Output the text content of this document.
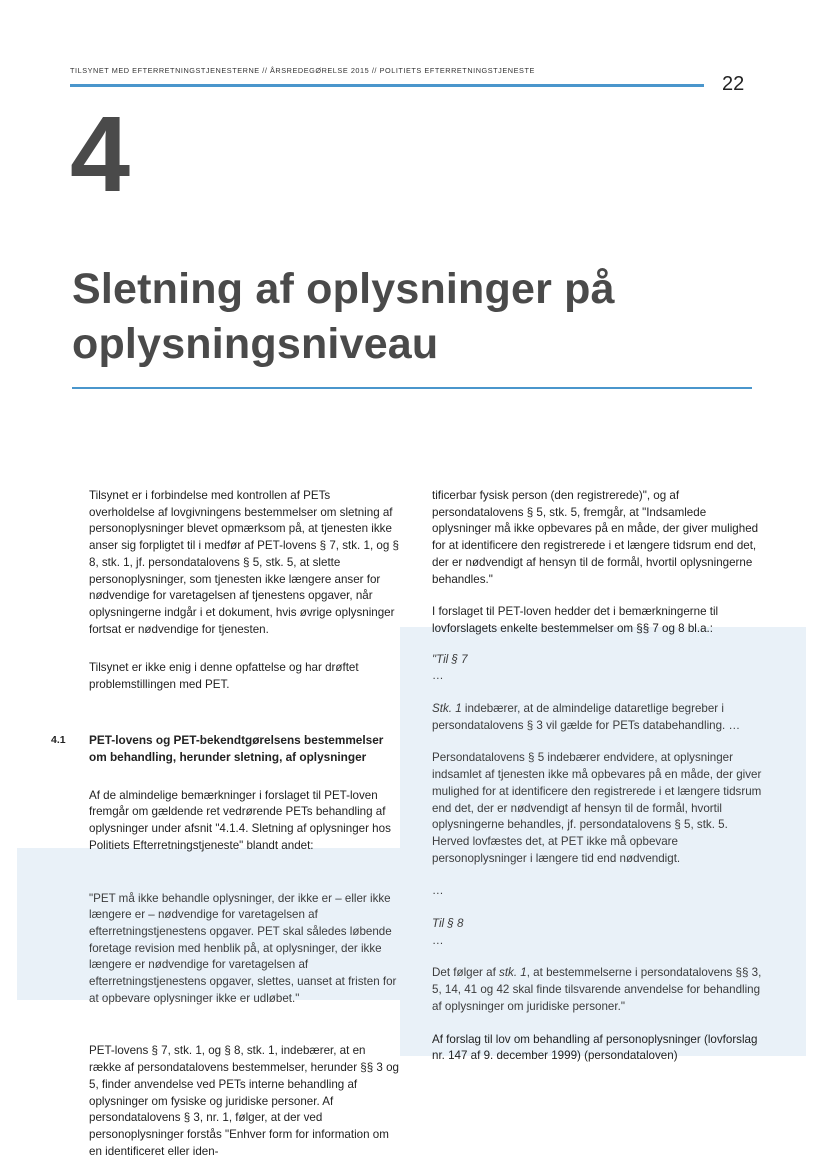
TILSYNET MED EFTERRETNINGSTJENESTERNE // ÅRSREDEGØRELSE 2015 // POLITIETS EFTERRETNINGSTJENESTE
22
4
Sletning af oplysninger på
oplysningsniveau

Tilsynet er i forbindelse med kontrollen af PETs overholdelse af lovgivningens bestemmelser om sletning af personoplysninger blevet opmærksom på, at tjenesten ikke anser sig forpligtet til i medfør af PET-lovens § 7, stk. 1, og § 8, stk. 1, jf. persondatalovens § 5, stk. 5, at slette personoplysninger, som tjenesten ikke længere anser for nødvendige for varetagelsen af tjenestens opgaver, når oplysningerne indgår i et dokument, hvis øvrige oplysninger fortsat er nødvendige for tjenesten.

Tilsynet er ikke enig i denne opfattelse og har drøftet problemstillingen med PET.

4.1 PET-lovens og PET-bekendtgørelsens bestemmelser om behandling, herunder sletning, af oplysninger

Af de almindelige bemærkninger i forslaget til PET-loven fremgår om gældende ret vedrørende PETs behandling af oplysninger under afsnit "4.1.4. Sletning af oplysninger hos Politiets Efterretningstjeneste" blandt andet:

"PET må ikke behandle oplysninger, der ikke er – eller ikke længere er – nødvendige for varetagelsen af efterretningstjenestens opgaver. PET skal således løbende foretage revision med henblik på, at oplysninger, der ikke længere er nødvendige for varetagelsen af efterretningstjenestens opgaver, slettes, uanset at fristen for at opbevare oplysninger ikke er udløbet."

PET-lovens § 7, stk. 1, og § 8, stk. 1, indebærer, at en række af persondatalovens bestemmelser, herunder §§ 3 og 5, finder anvendelse ved PETs interne behandling af oplysninger om fysiske og juridiske personer. Af persondatalovens § 3, nr. 1, følger, at der ved personoplysninger forstås "Enhver form for information om en identificeret eller iden-

tificerbar fysisk person (den registrerede)", og af persondatalovens § 5, stk. 5, fremgår, at "Indsamlede oplysninger må ikke opbevares på en måde, der giver mulighed for at identificere den registrerede i et længere tidsrum end det, der er nødvendigt af hensyn til de formål, hvortil oplysningerne behandles."

I forslaget til PET-loven hedder det i bemærkningerne til lovforslagets enkelte bestemmelser om §§ 7 og 8 bl.a.:

"Til § 7

…

Stk. 1 indebærer, at de almindelige dataretlige begreber i persondatalovens § 3 vil gælde for PETs databehandling. …

Persondatalovens § 5 indebærer endvidere, at oplysninger indsamlet af tjenesten ikke må opbevares på en måde, der giver mulighed for at identificere den registrerede i et længere tidsrum end det, der er nødvendigt af hensyn til de formål, hvortil oplysningerne behandles, jf. persondatalovens § 5, stk. 5. Herved lovfæstes det, at PET ikke må opbevare personoplysninger i længere tid end nødvendigt.

…

Til § 8

…

Det følger af stk. 1, at bestemmelserne i persondatalovens §§ 3, 5, 14, 41 og 42 skal finde tilsvarende anvendelse for behandling af oplysninger om juridiske personer."

Af forslag til lov om behandling af personoplysninger (lovforslag nr. 147 af 9. december 1999) (persondataloven)
